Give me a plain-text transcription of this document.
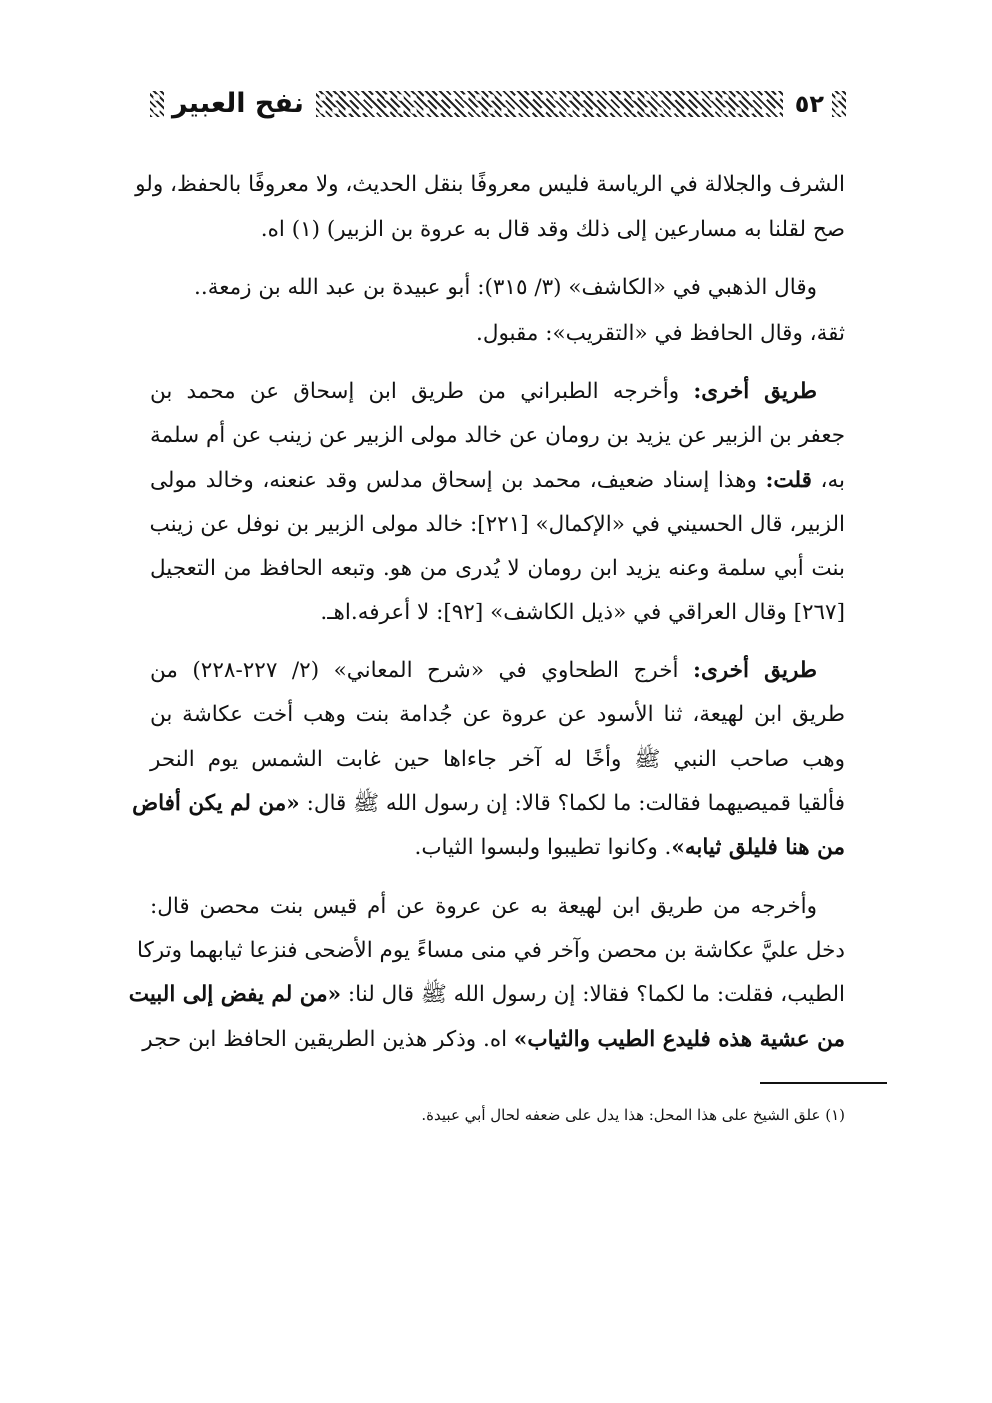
نفح العبير	٥٢
الشرف والجلالة في الرياسة فليس معروفًا بنقل الحديث، ولا معروفًا بالحفظ، ولو
صح لقلنا به مسارعين إلى ذلك وقد قال به عروة بن الزبير) (١) اه.
وقال الذهبي في «الكاشف» (٣/ ٣١٥): أبو عبيدة بن عبد الله بن زمعة..
ثقة، وقال الحافظ في «التقريب»: مقبول.
طريق أخرى: وأخرجه الطبراني من طريق ابن إسحاق عن محمد بن
جعفر بن الزبير عن يزيد بن رومان عن خالد مولى الزبير عن زينب عن أم سلمة
به، قلت: وهذا إسناد ضعيف، محمد بن إسحاق مدلس وقد عنعنه، وخالد مولى
الزبير، قال الحسيني في «الإكمال» [٢٢١]: خالد مولى الزبير بن نوفل عن زينب
بنت أبي سلمة وعنه يزيد ابن رومان لا يُدرى من هو. وتبعه الحافظ من التعجيل
[٢٦٧] وقال العراقي في «ذيل الكاشف» [٩٢]: لا أعرفه.اهـ.
طريق أخرى: أخرج الطحاوي في «شرح المعاني» (٢/ ٢٢٧-٢٢٨) من
طريق ابن لهيعة، ثنا الأسود عن عروة عن جُدامة بنت وهب أخت عكاشة بن
وهب صاحب النبي ﷺ وأخًا له آخر جاءاها حين غابت الشمس يوم النحر
فألقيا قميصيهما فقالت: ما لكما؟ قالا: إن رسول الله ﷺ قال: «من لم يكن أفاض
من هنا فليلق ثيابه». وكانوا تطيبوا ولبسوا الثياب.
وأخرجه من طريق ابن لهيعة به عن عروة عن أم قيس بنت محصن قال:
دخل عليَّ عكاشة بن محصن وآخر في منى مساءً يوم الأضحى فنزعا ثيابهما وتركا
الطيب، فقلت: ما لكما؟ فقالا: إن رسول الله ﷺ قال لنا: «من لم يفض إلى البيت
من عشية هذه فليدع الطيب والثياب» اه. وذكر هذين الطريقين الحافظ ابن حجر
(١) علق الشيخ على هذا المحل: هذا يدل على ضعفه لحال أبي عبيدة.
